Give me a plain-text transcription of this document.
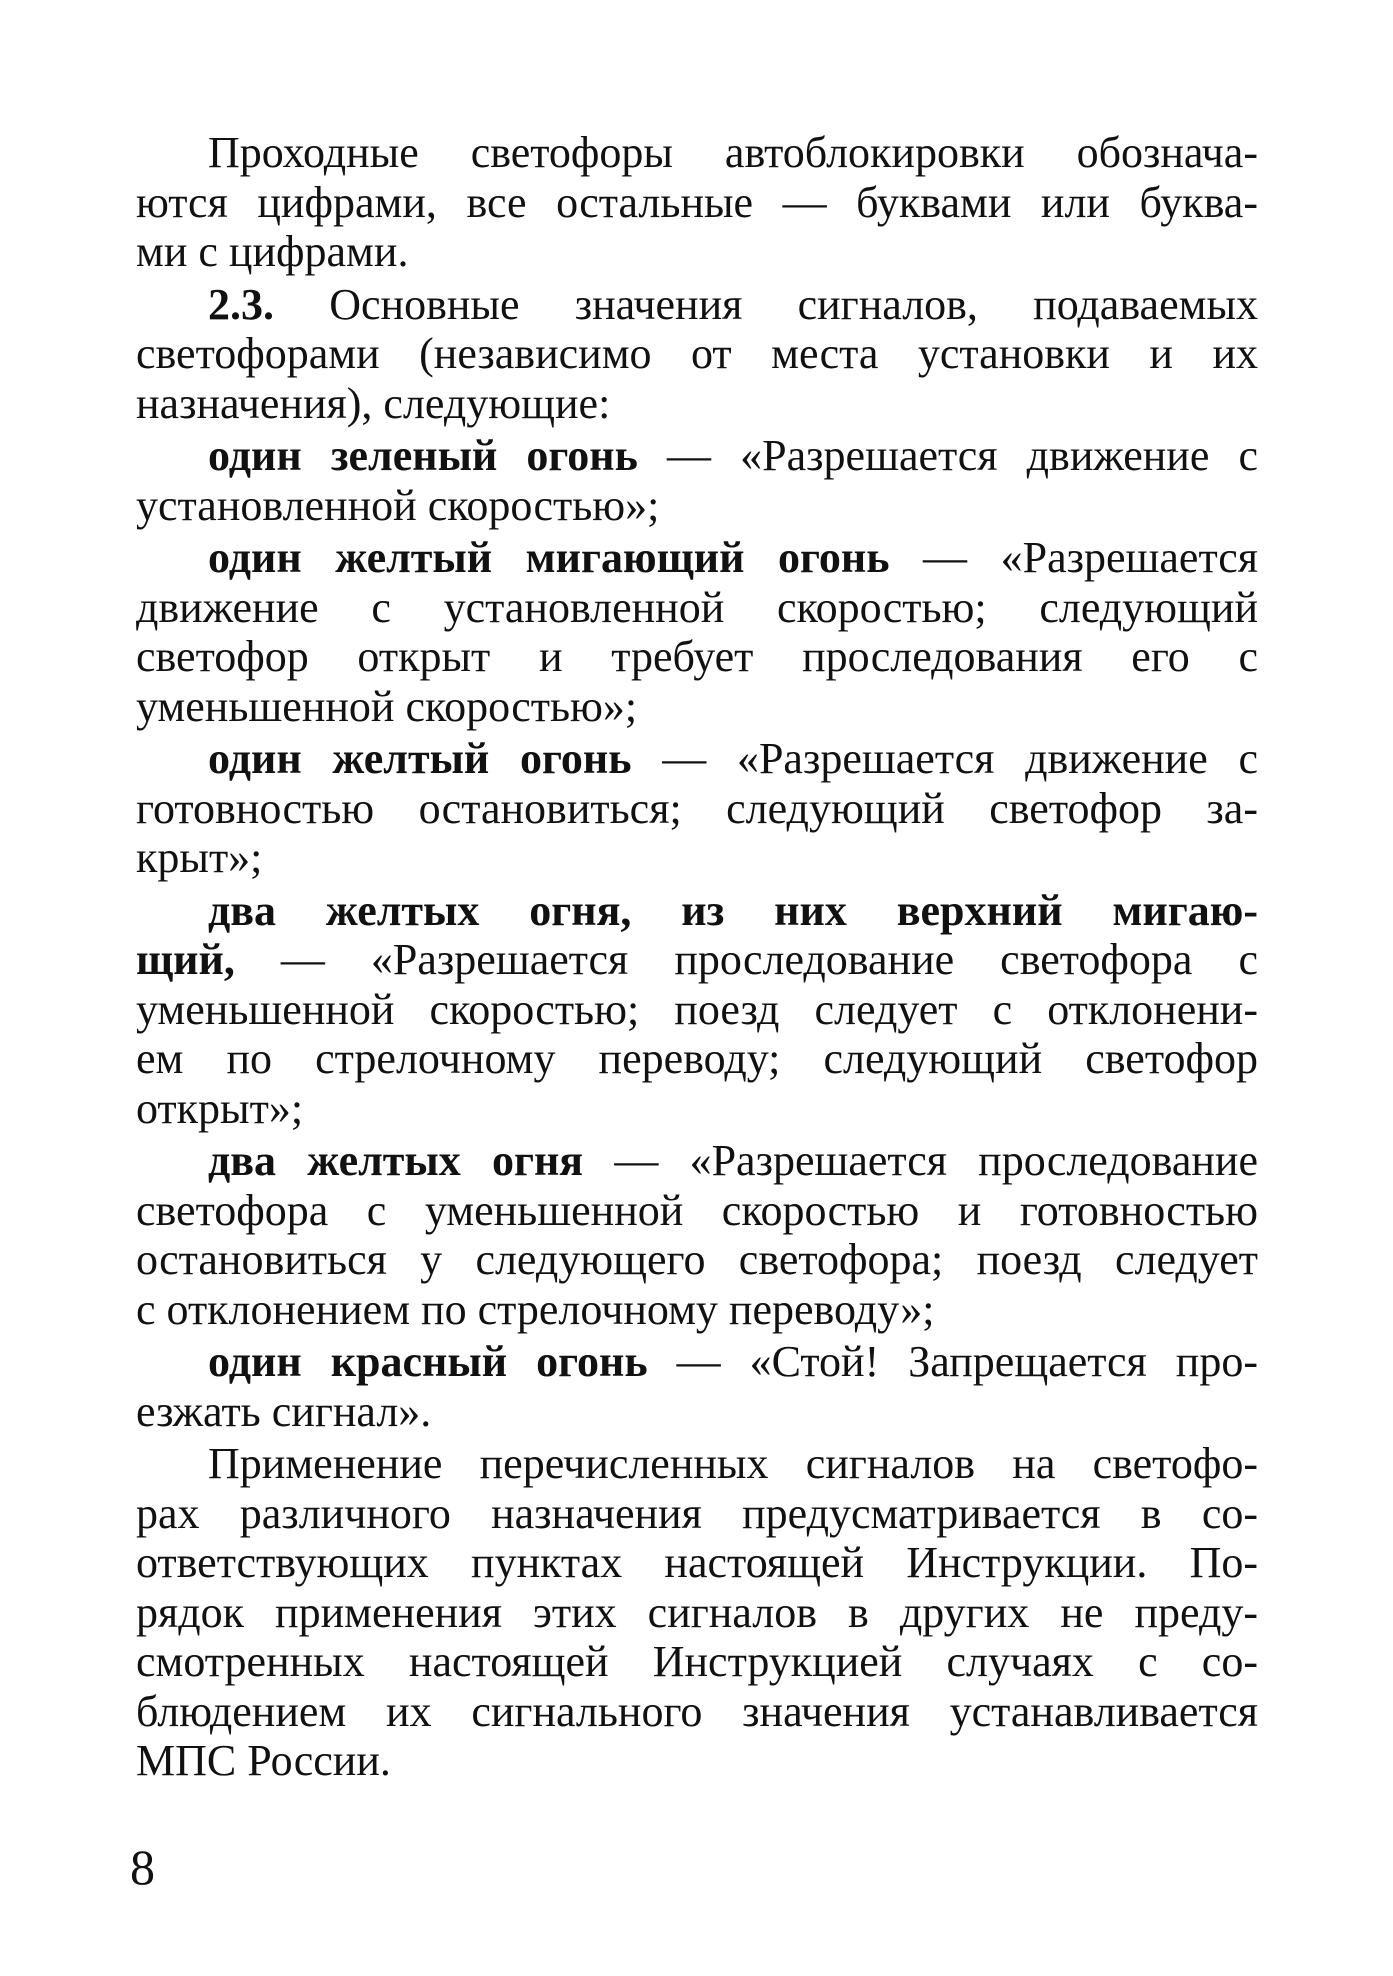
Проходные светофоры автоблокировки обознача-
ются цифрами, все остальные — буквами или буква-
ми с цифрами.
2.3. Основные значения сигналов, подаваемых
светофорами (независимо от места установки и их
назначения), следующие:
один зеленый огонь — «Разрешается движение с
установленной скоростью»;
один желтый мигающий огонь — «Разрешается
движение с установленной скоростью; следующий
светофор открыт и требует проследования его с
уменьшенной скоростью»;
один желтый огонь — «Разрешается движение с
готовностью остановиться; следующий светофор за-
крыт»;
два желтых огня, из них верхний мигаю-
щий, — «Разрешается проследование светофора с
уменьшенной скоростью; поезд следует с отклонени-
ем по стрелочному переводу; следующий светофор
открыт»;
два желтых огня — «Разрешается проследование
светофора с уменьшенной скоростью и готовностью
остановиться у следующего светофора; поезд следует
с отклонением по стрелочному переводу»;
один красный огонь — «Стой! Запрещается про-
езжать сигнал».
Применение перечисленных сигналов на светофо-
рах различного назначения предусматривается в со-
ответствующих пунктах настоящей Инструкции. По-
рядок применения этих сигналов в других не преду-
смотренных настоящей Инструкцией случаях с со-
блюдением их сигнального значения устанавливается
МПС России.
8
